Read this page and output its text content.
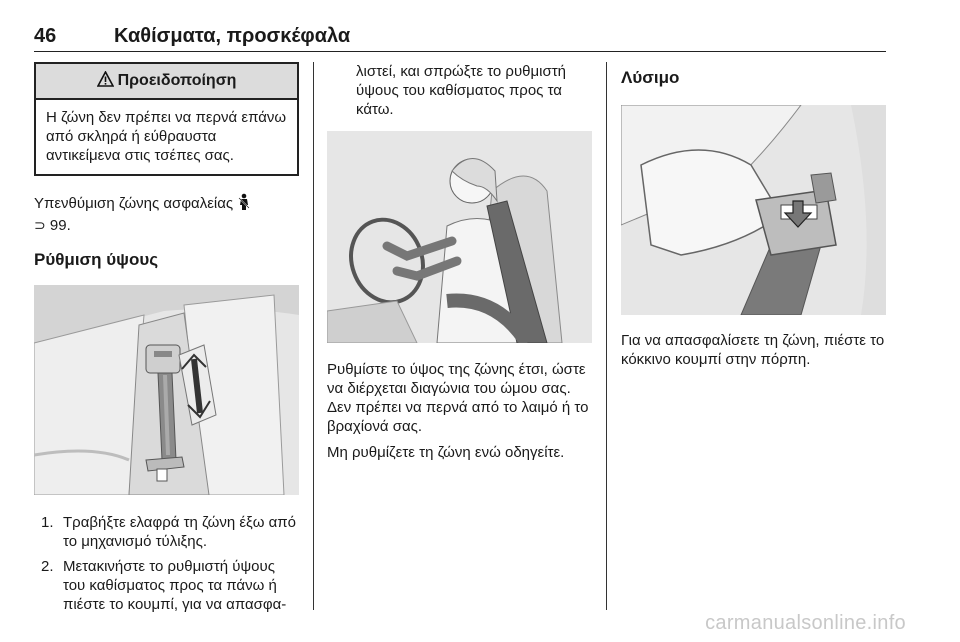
46	Καθίσματα, προσκέφαλα
Προειδοποίηση
Η ζώνη δεν πρέπει να περνά επάνω από σκληρά ή εύθραυστα αντικείμενα στις τσέπες σας.

Υπενθύμιση ζώνης ασφαλείας
⊃ 99.

Ρύθμιση ύψους
1. Τραβήξτε ελαφρά τη ζώνη έξω από το μηχανισμό τύλιξης.
2. Μετακινήστε το ρυθμιστή ύψους του καθίσματος προς τα πάνω ή πιέστε το κουμπί, για να απασφα-

λιστεί, και σπρώξτε το ρυθμιστή ύψους του καθίσματος προς τα κάτω.

Ρυθμίστε το ύψος της ζώνης έτσι, ώστε να διέρχεται διαγώνια του ώμου σας. Δεν πρέπει να περνά από το λαιμό ή το βραχίονά σας.

Μη ρυθμίζετε τη ζώνη ενώ οδηγείτε.

Λύσιμο

Για να απασφαλίσετε τη ζώνη, πιέστε το κόκκινο κουμπί στην πόρπη.

carmanualsonline.info
